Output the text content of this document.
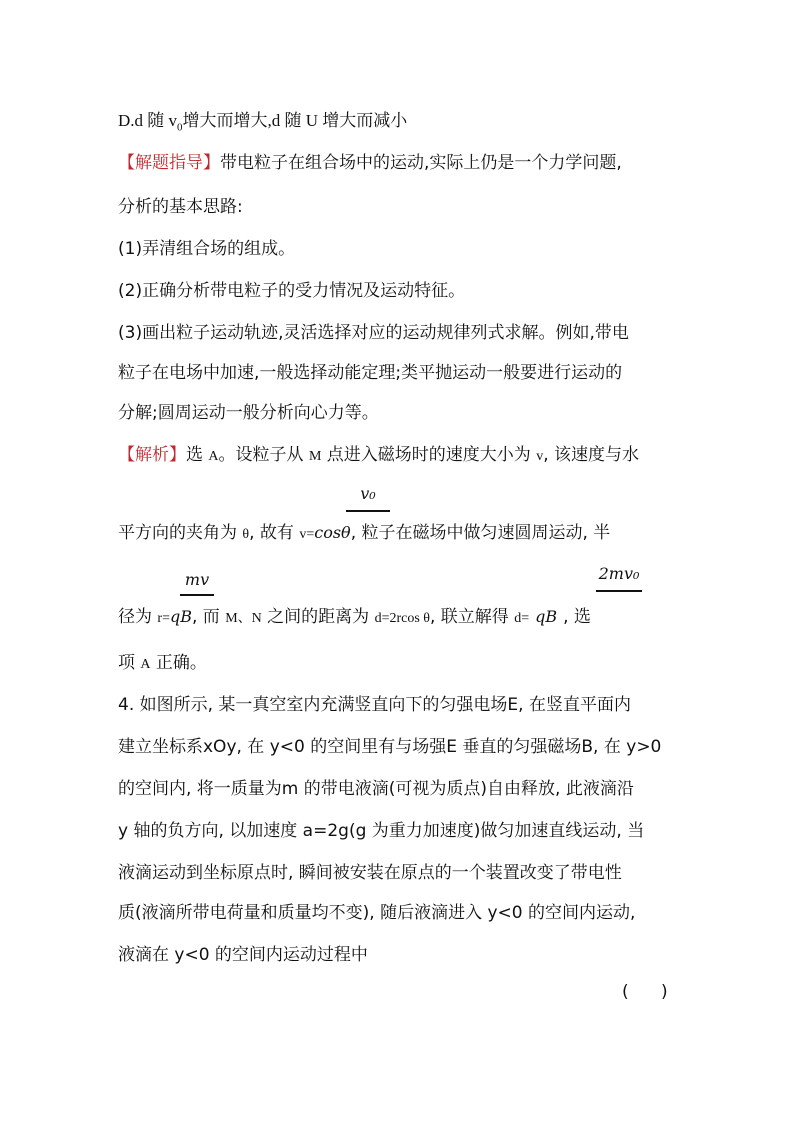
D.d 随 $v_0$增大而增大,d 随 U 增大而减小
【解题指导】带电粒子在组合场中的运动,实际上仍是一个力学问题,
分析的基本思路:
(1)弄清组合场的组成。
(2)正确分析带电粒子的受力情况及运动特征。
(3)画出粒子运动轨迹,灵活选择对应的运动规律列式求解。例如,带电
粒子在电场中加速,一般选择动能定理;类平抛运动一般要进行运动的
分解;圆周运动一般分析向心力等。
【解析】选 A。设粒子从 M 点进入磁场时的速度大小为 v, 该速度与水
v₀
平方向的夹角为 θ, 故有 v=cosθ, 粒子在磁场中做匀速圆周运动, 半
mv	2mv₀
径为 r=qB, 而 M、N 之间的距离为 d=2rcos θ, 联立解得 d= qB , 选
项 A 正确。
4. 如图所示, 某一真空室内充满竖直向下的匀强电场E, 在竖直平面内
建立坐标系xOy, 在 y<0 的空间里有与场强E 垂直的匀强磁场B, 在 y>0
的空间内, 将一质量为m 的带电液滴(可视为质点)自由释放, 此液滴沿
y 轴的负方向, 以加速度 a=2g(g 为重力加速度)做匀加速直线运动, 当
液滴运动到坐标原点时, 瞬间被安装在原点的一个装置改变了带电性
质(液滴所带电荷量和质量均不变), 随后液滴进入 y<0 的空间内运动,
液滴在 y<0 的空间内运动过程中
(      )
